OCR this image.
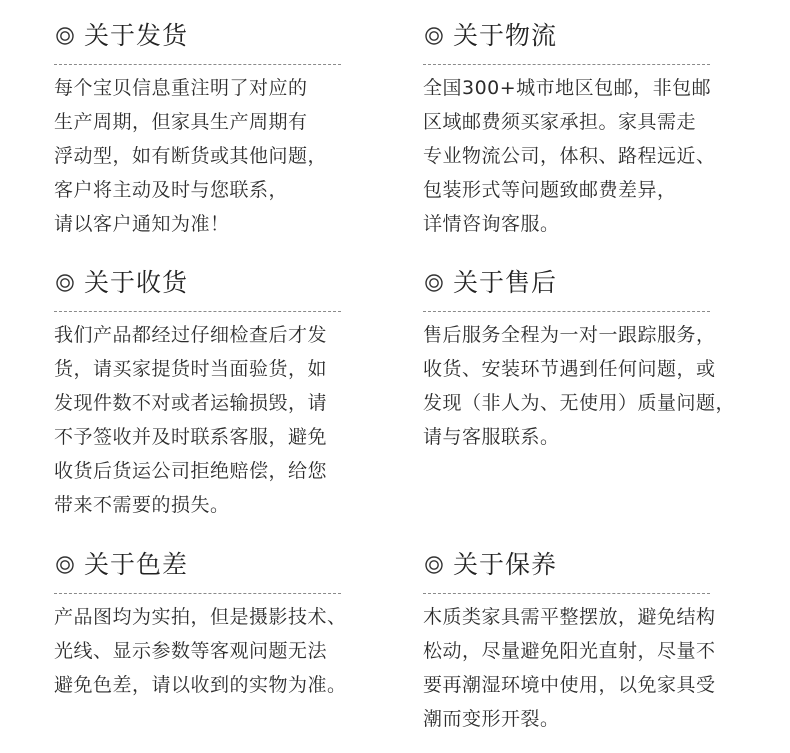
关于发货
每个宝贝信息重注明了对应的
生产周期，但家具生产周期有
浮动型，如有断货或其他问题，
客户将主动及时与您联系，
请以客户通知为准！
关于物流
全国300+城市地区包邮，非包邮
区域邮费须买家承担。家具需走
专业物流公司，体积、路程远近、
包装形式等问题致邮费差异，
详情咨询客服。
关于收货
我们产品都经过仔细检查后才发
货，请买家提货时当面验货，如
发现件数不对或者运输损毁，请
不予签收并及时联系客服，避免
收货后货运公司拒绝赔偿，给您
带来不需要的损失。
关于售后
售后服务全程为一对一跟踪服务，
收货、安装环节遇到任何问题，或
发现（非人为、无使用）质量问题，
请与客服联系。
关于色差
产品图均为实拍，但是摄影技术、
光线、显示参数等客观问题无法
避免色差，请以收到的实物为准。
关于保养
木质类家具需平整摆放，避免结构
松动，尽量避免阳光直射，尽量不
要再潮湿环境中使用，以免家具受
潮而变形开裂。
